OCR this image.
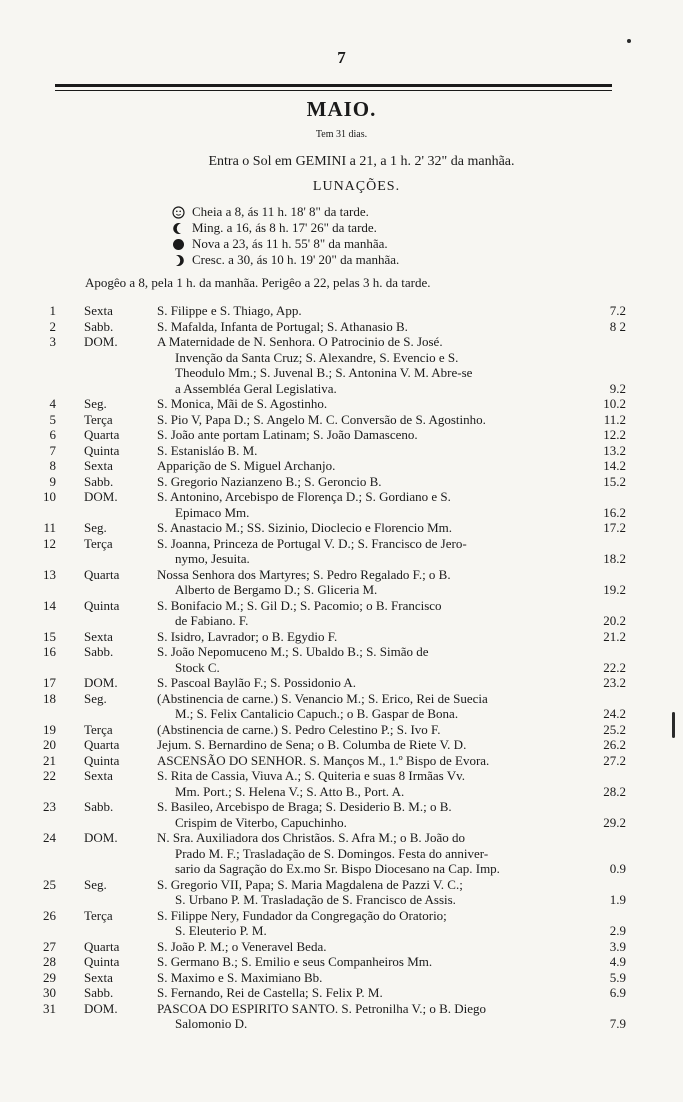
7
MAIO.
Tem 31 dias.
Entra o Sol em GEMINI a 21, a 1 h. 2' 32" da manhãa.
LUNAÇÕES.
Cheia a 8, ás 11 h. 18' 8" da tarde.
Ming. a 16, ás 8 h. 17' 26" da tarde.
Nova a 23, ás 11 h. 55' 8" da manhãa.
Cresc. a 30, ás 10 h. 19' 20" da manhãa.
Apogêo a 8, pela 1 h. da manhãa. Perigêo a 22, pelas 3 h. da tarde.
1 Sexta	S. Filippe e S. Thiago, App.	7.2
2 Sabb.	S. Mafalda, Infanta de Portugal; S. Athanasio B.	8 2
3 DOM.	A Maternidade de N. Senhora. O Patrocinio de S. José.
Invenção da Santa Cruz; S. Alexandre, S. Evencio e S.
Theodulo Mm.; S. Juvenal B.; S. Antonina V. M. Abre-se
a Assembléa Geral Legislativa.	9.2
4 Seg.	S. Monica, Mãi de S. Agostinho.	10.2
5 Terça	S. Pio V, Papa D.; S. Angelo M. C. Conversão de S. Agostinho.	11.2
6 Quarta	S. João ante portam Latinam; S. João Damasceno.	12.2
7 Quinta	S. Estanisláo B. M.	13.2
8 Sexta	Apparição de S. Miguel Archanjo.	14.2
9 Sabb.	S. Gregorio Nazianzeno B.; S. Geroncio B.	15.2
10 DOM.	S. Antonino, Arcebispo de Florença D.; S. Gordiano e S.
Epimaco Mm.	16.2
11 Seg.	S. Anastacio M.; SS. Sizinio, Dioclecio e Florencio Mm.	17.2
12 Terça	S. Joanna, Princeza de Portugal V. D.; S. Francisco de Jero-
nymo, Jesuita.	18.2
13 Quarta	Nossa Senhora dos Martyres; S. Pedro Regalado F.; o B.
Alberto de Bergamo D.; S. Gliceria M.	19.2
14 Quinta	S. Bonifacio M.; S. Gil D.; S. Pacomio; o B. Francisco
de Fabiano. F.	20.2
15 Sexta	S. Isidro, Lavrador; o B. Egydio F.	21.2
16 Sabb.	S. João Nepomuceno M.; S. Ubaldo B.; S. Simão de
Stock C.	22.2
17 DOM.	S. Pascoal Baylão F.; S. Possidonio A.	23.2
18 Seg.	(Abstinencia de carne.) S. Venancio M.; S. Erico, Rei de Suecia
M.; S. Felix Cantalicio Capuch.; o B. Gaspar de Bona.	24.2
19 Terça	(Abstinencia de carne.) S. Pedro Celestino P.; S. Ivo F.	25.2
20 Quarta	Jejum. S. Bernardino de Sena; o B. Columba de Riete V. D.	26.2
21 Quinta	ASCENSÃO DO SENHOR. S. Manços M., 1.º Bispo de Evora.	27.2
22 Sexta	S. Rita de Cassia, Viuva A.; S. Quiteria e suas 8 Irmãas Vv.
Mm. Port.; S. Helena V.; S. Atto B., Port. A.	28.2
23 Sabb.	S. Basileo, Arcebispo de Braga; S. Desiderio B. M.; o B.
Crispim de Viterbo, Capuchinho.	29.2
24 DOM.	N. Sra. Auxiliadora dos Christãos. S. Afra M.; o B. João do
Prado M. F.; Trasladação de S. Domingos. Festa do anniver-
sario da Sagração do Ex.mo Sr. Bispo Diocesano na Cap. Imp.	0.9
25 Seg.	S. Gregorio VII, Papa; S. Maria Magdalena de Pazzi V. C.;
S. Urbano P. M. Trasladação de S. Francisco de Assis.	1.9
26 Terça	S. Filippe Nery, Fundador da Congregação do Oratorio;
S. Eleuterio P. M.	2.9
27 Quarta	S. João P. M.; o Veneravel Beda.	3.9
28 Quinta	S. Germano B.; S. Emilio e seus Companheiros Mm.	4.9
29 Sexta	S. Maximo e S. Maximiano Bb.	5.9
30 Sabb.	S. Fernando, Rei de Castella; S. Felix P. M.	6.9
31 DOM.	PASCOA DO ESPIRITO SANTO. S. Petronilha V.; o B. Diego
Salomonio D.	7.9
